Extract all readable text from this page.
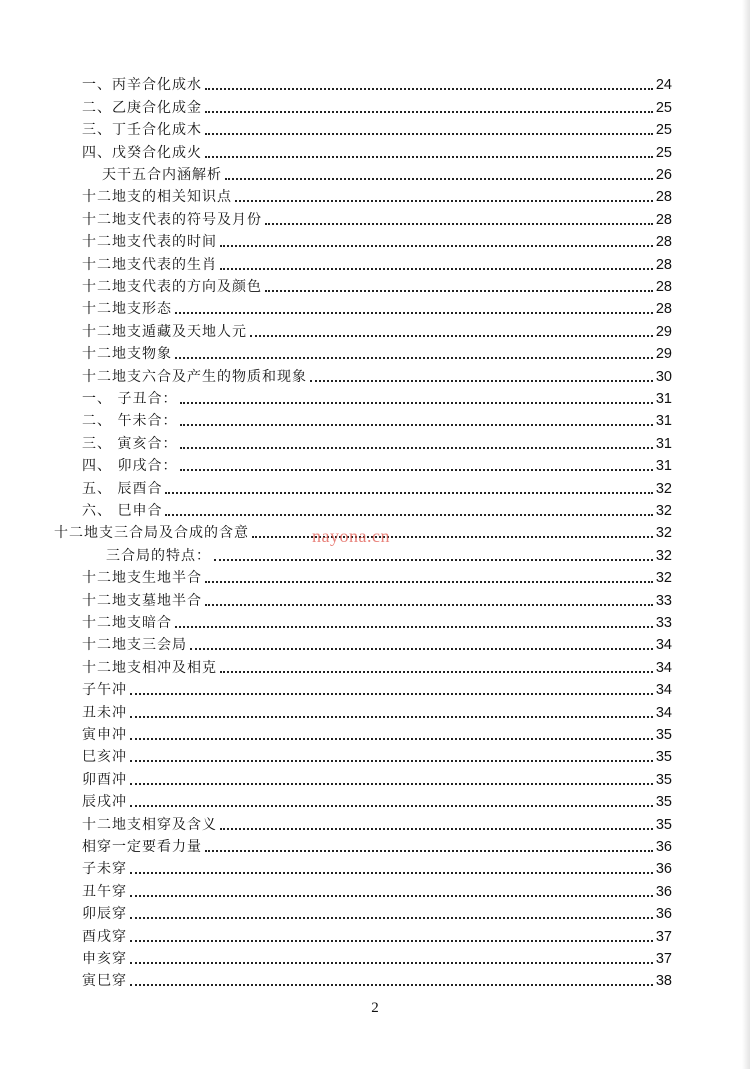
一、丙辛合化成水	24
二、乙庚合化成金	25
三、丁壬合化成木	25
四、戊癸合化成火	25
天干五合内涵解析	26
十二地支的相关知识点	28
十二地支代表的符号及月份	28
十二地支代表的时间	28
十二地支代表的生肖	28
十二地支代表的方向及颜色	28
十二地支形态	28
十二地支遁藏及天地人元	29
十二地支物象	29
十二地支六合及产生的物质和现象	30
一、 子丑合：	31
二、 午未合：	31
三、 寅亥合：	31
四、 卯戌合：	31
五、 辰酉合	32
六、 巳申合	32
十二地支三合局及合成的含意	32
三合局的特点：	32
十二地支生地半合	32
十二地支墓地半合	33
十二地支暗合	33
十二地支三会局	34
十二地支相冲及相克	34
子午冲	34
丑未冲	34
寅申冲	35
巳亥冲	35
卯酉冲	35
辰戌冲	35
十二地支相穿及含义	35
相穿一定要看力量	36
子未穿	36
丑午穿	36
卯辰穿	36
酉戌穿	37
申亥穿	37
寅巳穿	38
nayona.cn
2
